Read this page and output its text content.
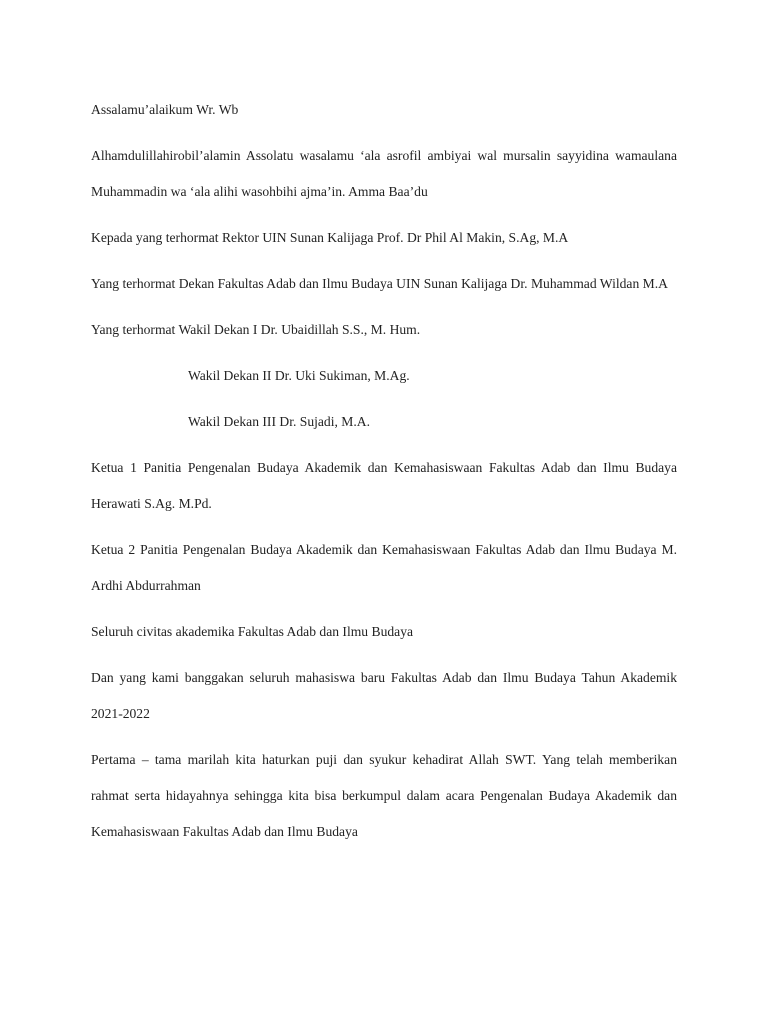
Assalamu’alaikum Wr. Wb

Alhamdulillahirobil’alamin Assolatu wasalamu ‘ala asrofil ambiyai wal mursalin sayyidina wamaulana Muhammadin wa ‘ala alihi wasohbihi ajma’in. Amma Baa’du

Kepada yang terhormat Rektor UIN Sunan Kalijaga Prof. Dr Phil Al Makin, S.Ag, M.A

Yang terhormat Dekan Fakultas Adab dan Ilmu Budaya UIN Sunan Kalijaga Dr. Muhammad Wildan M.A

Yang terhormat Wakil Dekan I Dr. Ubaidillah S.S., M. Hum.

Wakil Dekan II Dr. Uki Sukiman, M.Ag.

Wakil Dekan III Dr. Sujadi, M.A.

Ketua 1 Panitia Pengenalan Budaya Akademik dan Kemahasiswaan Fakultas Adab dan Ilmu Budaya Herawati S.Ag. M.Pd.

Ketua 2 Panitia Pengenalan Budaya Akademik dan Kemahasiswaan Fakultas Adab dan Ilmu Budaya M. Ardhi Abdurrahman

Seluruh civitas akademika Fakultas Adab dan Ilmu Budaya

Dan yang kami banggakan seluruh mahasiswa baru Fakultas Adab dan Ilmu Budaya Tahun Akademik 2021-2022

Pertama – tama marilah kita haturkan puji dan syukur kehadirat Allah SWT. Yang telah memberikan rahmat serta hidayahnya sehingga kita bisa berkumpul dalam acara Pengenalan Budaya Akademik dan Kemahasiswaan Fakultas Adab dan Ilmu Budaya
